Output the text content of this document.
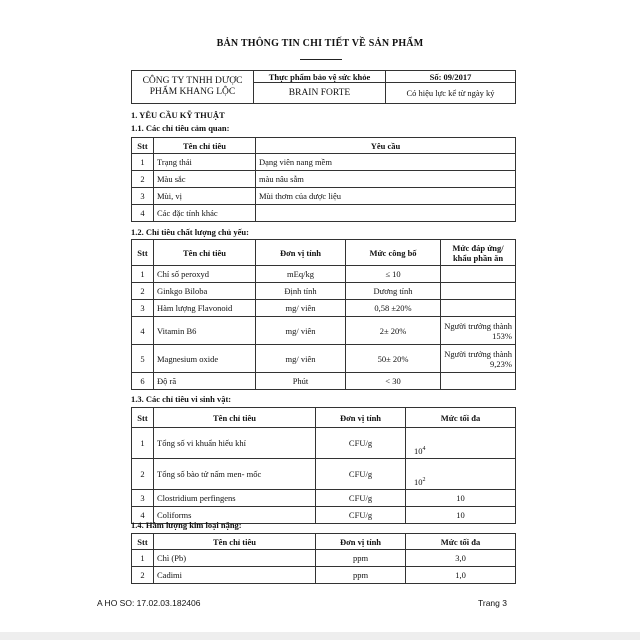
BẢN THÔNG TIN CHI TIẾT VỀ SẢN PHẨM
CÔNG TY TNHH DƯỢC PHẨM KHANG LỘC	Thực phẩm bảo vệ sức khỏe	Số: 09/2017
	BRAIN FORTE	Có hiệu lực kể từ ngày ký
1. YÊU CẦU KỸ THUẬT
1.1. Các chỉ tiêu cảm quan:
Stt	Tên chỉ tiêu	Yêu cầu
1	Trạng thái	Dạng viên nang mềm
2	Màu sắc	màu nâu sẫm
3	Mùi, vị	Mùi thơm của dược liệu
4	Các đặc tính khác	
1.2. Chỉ tiêu chất lượng chủ yếu:
Stt	Tên chỉ tiêu	Đơn vị tính	Mức công bố	Mức đáp ứng/ khẩu phần ăn
1	Chỉ số peroxyd	mEq/kg	≤ 10	
2	Ginkgo Biloba	Định tính	Dương tính	
3	Hàm lượng Flavonoid	mg/ viên	0,58 ±20%	
4	Vitamin B6	mg/ viên	2± 20%	Người trưởng thành 153%
5	Magnesium oxide	mg/ viên	50± 20%	Người trưởng thành 9,23%
6	Độ rã	Phút	< 30	
1.3. Các chỉ tiêu vi sinh vật:
Stt	Tên chỉ tiêu	Đơn vị tính	Mức tối đa
1	Tổng số vi khuẩn hiếu khí	CFU/g	$10^4$
2	Tổng số bào tử nấm men- mốc	CFU/g	$10^2$
3	Clostridium perfingens	CFU/g	10
4	Coliforms	CFU/g	10
1.4. Hàm lượng kim loại nặng:
Stt	Tên chỉ tiêu	Đơn vị tính	Mức tối đa
1	Chì (Pb)	ppm	3,0
2	Cadimi	ppm	1,0
A HO SO: 17.02.03.182406	Trang 3
